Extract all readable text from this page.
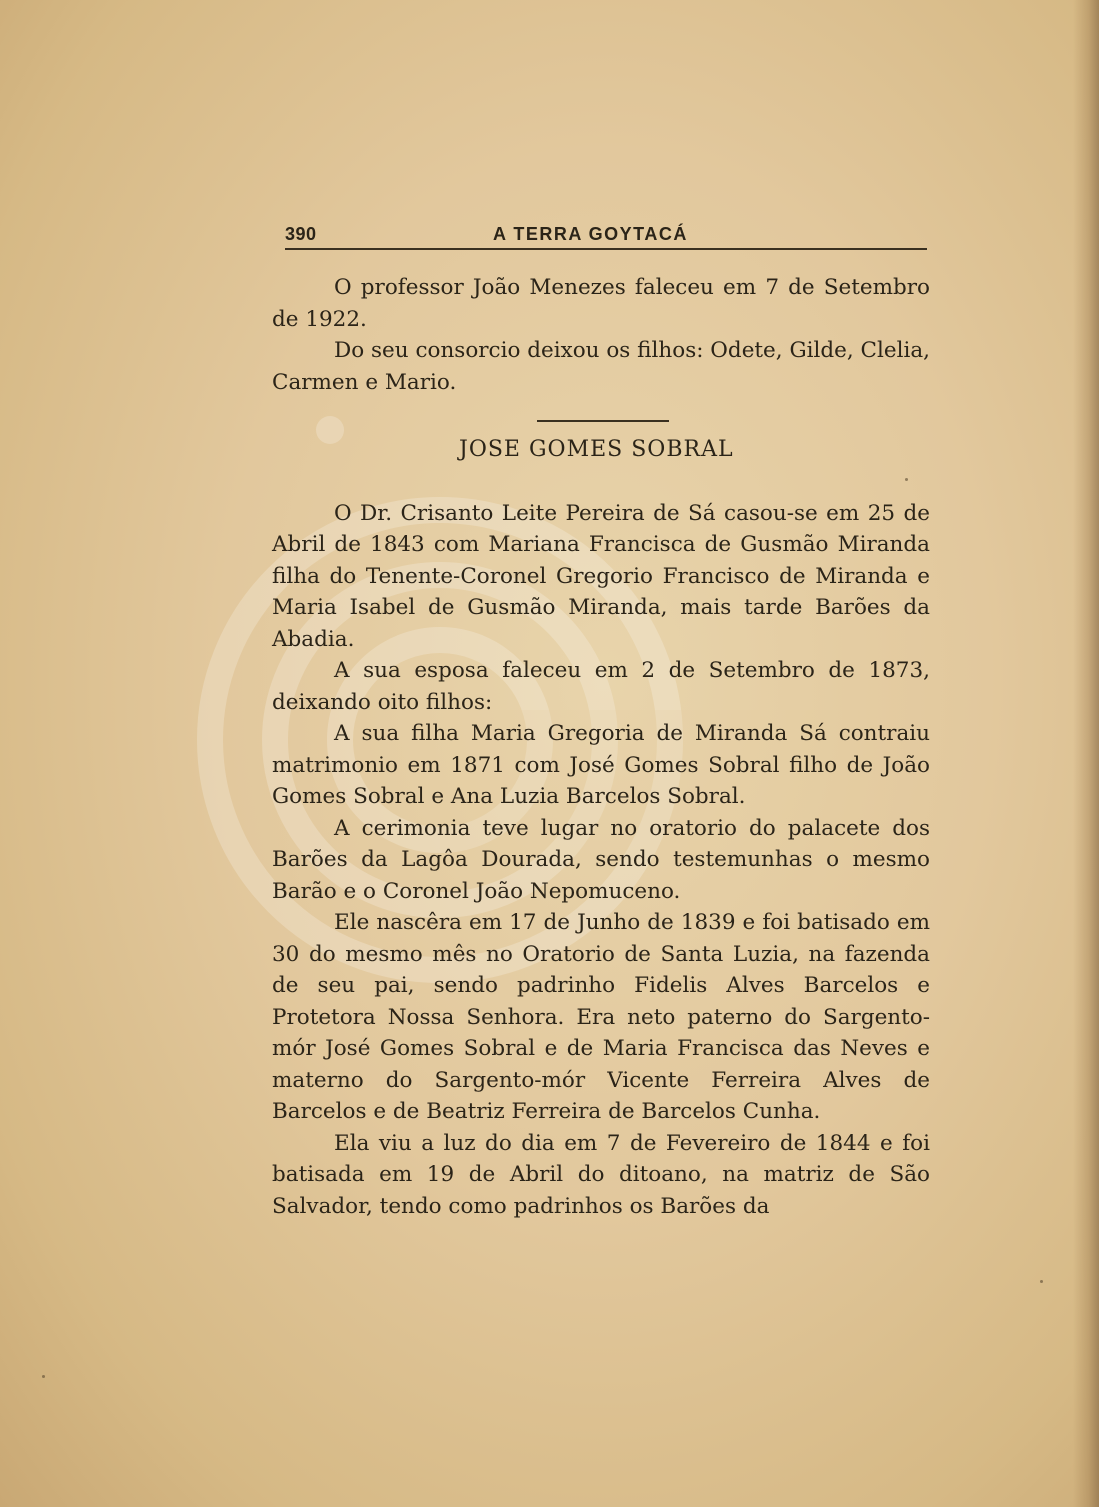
390	A TERRA GOYTACÁ

O professor João Menezes faleceu em 7 de Setembro de 1922.

Do seu consorcio deixou os filhos: Odete, Gilde, Clelia, Carmen e Mario.

JOSE GOMES SOBRAL

O Dr. Crisanto Leite Pereira de Sá casou-se em 25 de Abril de 1843 com Mariana Francisca de Gusmão Miranda filha do Tenente-Coronel Gregorio Francisco de Miranda e Maria Isabel de Gusmão Miranda, mais tarde Barões da Abadia.

A sua esposa faleceu em 2 de Setembro de 1873, deixando oito filhos:

A sua filha Maria Gregoria de Miranda Sá contraiu matrimonio em 1871 com José Gomes Sobral filho de João Gomes Sobral e Ana Luzia Barcelos Sobral.

A cerimonia teve lugar no oratorio do palacete dos Barões da Lagôa Dourada, sendo testemunhas o mesmo Barão e o Coronel João Nepomuceno.

Ele nascêra em 17 de Junho de 1839 e foi batisado em 30 do mesmo mês no Oratorio de Santa Luzia, na fazenda de seu pai, sendo padrinho Fidelis Alves Barcelos e Protetora Nossa Senhora. Era neto paterno do Sargento-mór José Gomes Sobral e de Maria Francisca das Neves e materno do Sargento-mór Vicente Ferreira Alves de Barcelos e de Beatriz Ferreira de Barcelos Cunha.

Ela viu a luz do dia em 7 de Fevereiro de 1844 e foi batisada em 19 de Abril do ditoano, na matriz de São Salvador, tendo como padrinhos os Barões da
